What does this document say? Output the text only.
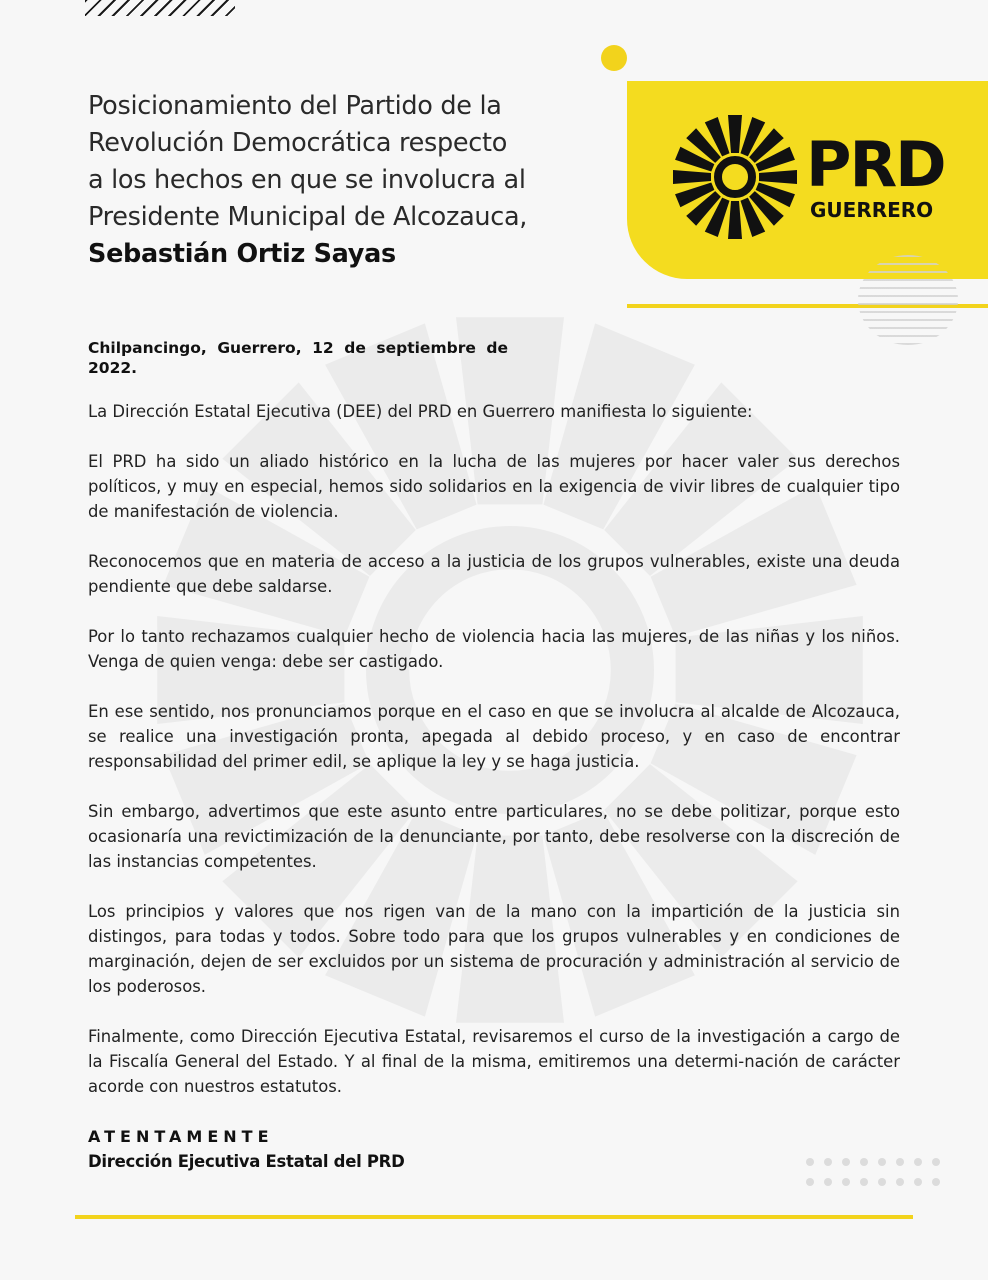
PRD
GUERRERO
Posicionamiento del Partido de la
Revolución Democrática respecto
a los hechos en que se involucra al
Presidente Municipal de Alcozauca,
Sebastián Ortiz Sayas
Chilpancingo, Guerrero, 12 de septiembre de
2022.

La Dirección Estatal Ejecutiva (DEE) del PRD en Guerrero manifiesta lo siguiente:

El PRD ha sido un aliado histórico en la lucha de las mujeres por hacer valer sus derechos políticos, y muy en especial, hemos sido solidarios en la exigencia de vivir libres de cualquier tipo de manifestación de violencia.

Reconocemos que en materia de acceso a la justicia de los grupos vulnerables, existe una deuda pendiente que debe saldarse.

Por lo tanto rechazamos cualquier hecho de violencia hacia las mujeres, de las niñas y los niños. Venga de quien venga: debe ser castigado.

En ese sentido, nos pronunciamos porque en el caso en que se involucra al alcalde de Alcozauca, se realice una investigación pronta, apegada al debido proceso, y en caso de encontrar responsabilidad del primer edil, se aplique la ley y se haga justicia.

Sin embargo, advertimos que este asunto entre particulares, no se debe politizar, porque esto ocasionaría una revictimización de la denunciante, por tanto, debe resolverse con la discreción de las instancias competentes.

Los principios y valores que nos rigen van de la mano con la impartición de la justicia sin distingos, para todas y todos. Sobre todo para que los grupos vulnerables y en condiciones de marginación, dejen de ser excluidos por un sistema de procuración y administración al servicio de los poderosos.

Finalmente, como Dirección Ejecutiva Estatal, revisaremos el curso de la investigación a cargo de la Fiscalía General del Estado. Y al final de la misma, emitiremos una determi-nación de carácter acorde con nuestros estatutos.

ATENTAMENTE
Dirección Ejecutiva Estatal del PRD
